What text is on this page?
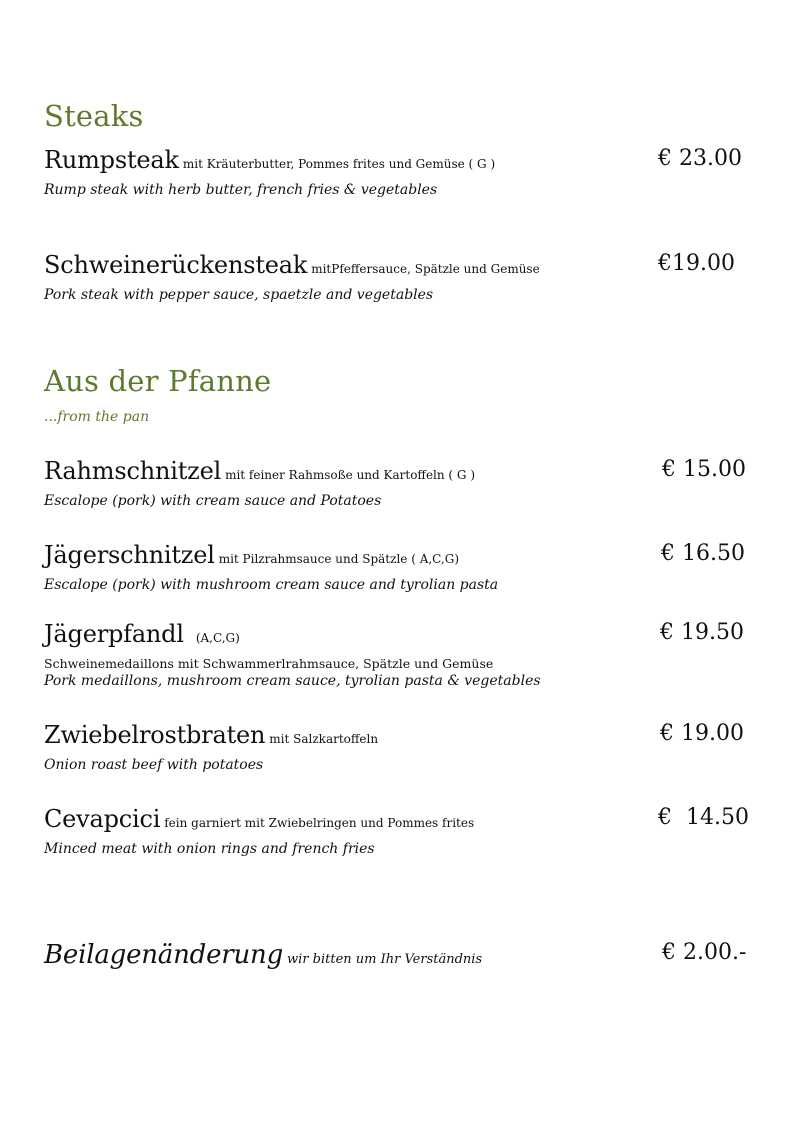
Steaks
Rumpsteak mit Kräuterbutter, Pommes frites und Gemüse ( G )	€ 23.00
Rump steak with herb butter, french fries & vegetables
Schweinerückensteak mitPfeffersauce, Spätzle und Gemüse	€19.00
Pork steak with pepper sauce, spaetzle and vegetables
Aus der Pfanne
...from the pan
Rahmschnitzel mit feiner Rahmsoße und Kartoffeln ( G )	€ 15.00
Escalope (pork) with cream sauce and Potatoes
Jägerschnitzel mit Pilzrahmsauce und Spätzle ( A,C,G)	€ 16.50
Escalope (pork) with mushroom cream sauce and tyrolian pasta
Jägerpfandl (A,C,G)	€ 19.50
Schweinemedaillons mit Schwammerlrahmsauce, Spätzle und Gemüse
Pork medaillons, mushroom cream sauce, tyrolian pasta & vegetables
Zwiebelrostbraten mit Salzkartoffeln	€ 19.00
Onion roast beef with potatoes
Cevapcici fein garniert mit Zwiebelringen und Pommes frites	€  14.50
Minced meat with onion rings and french fries
Beilagenänderung wir bitten um Ihr Verständnis	€ 2.00.-
